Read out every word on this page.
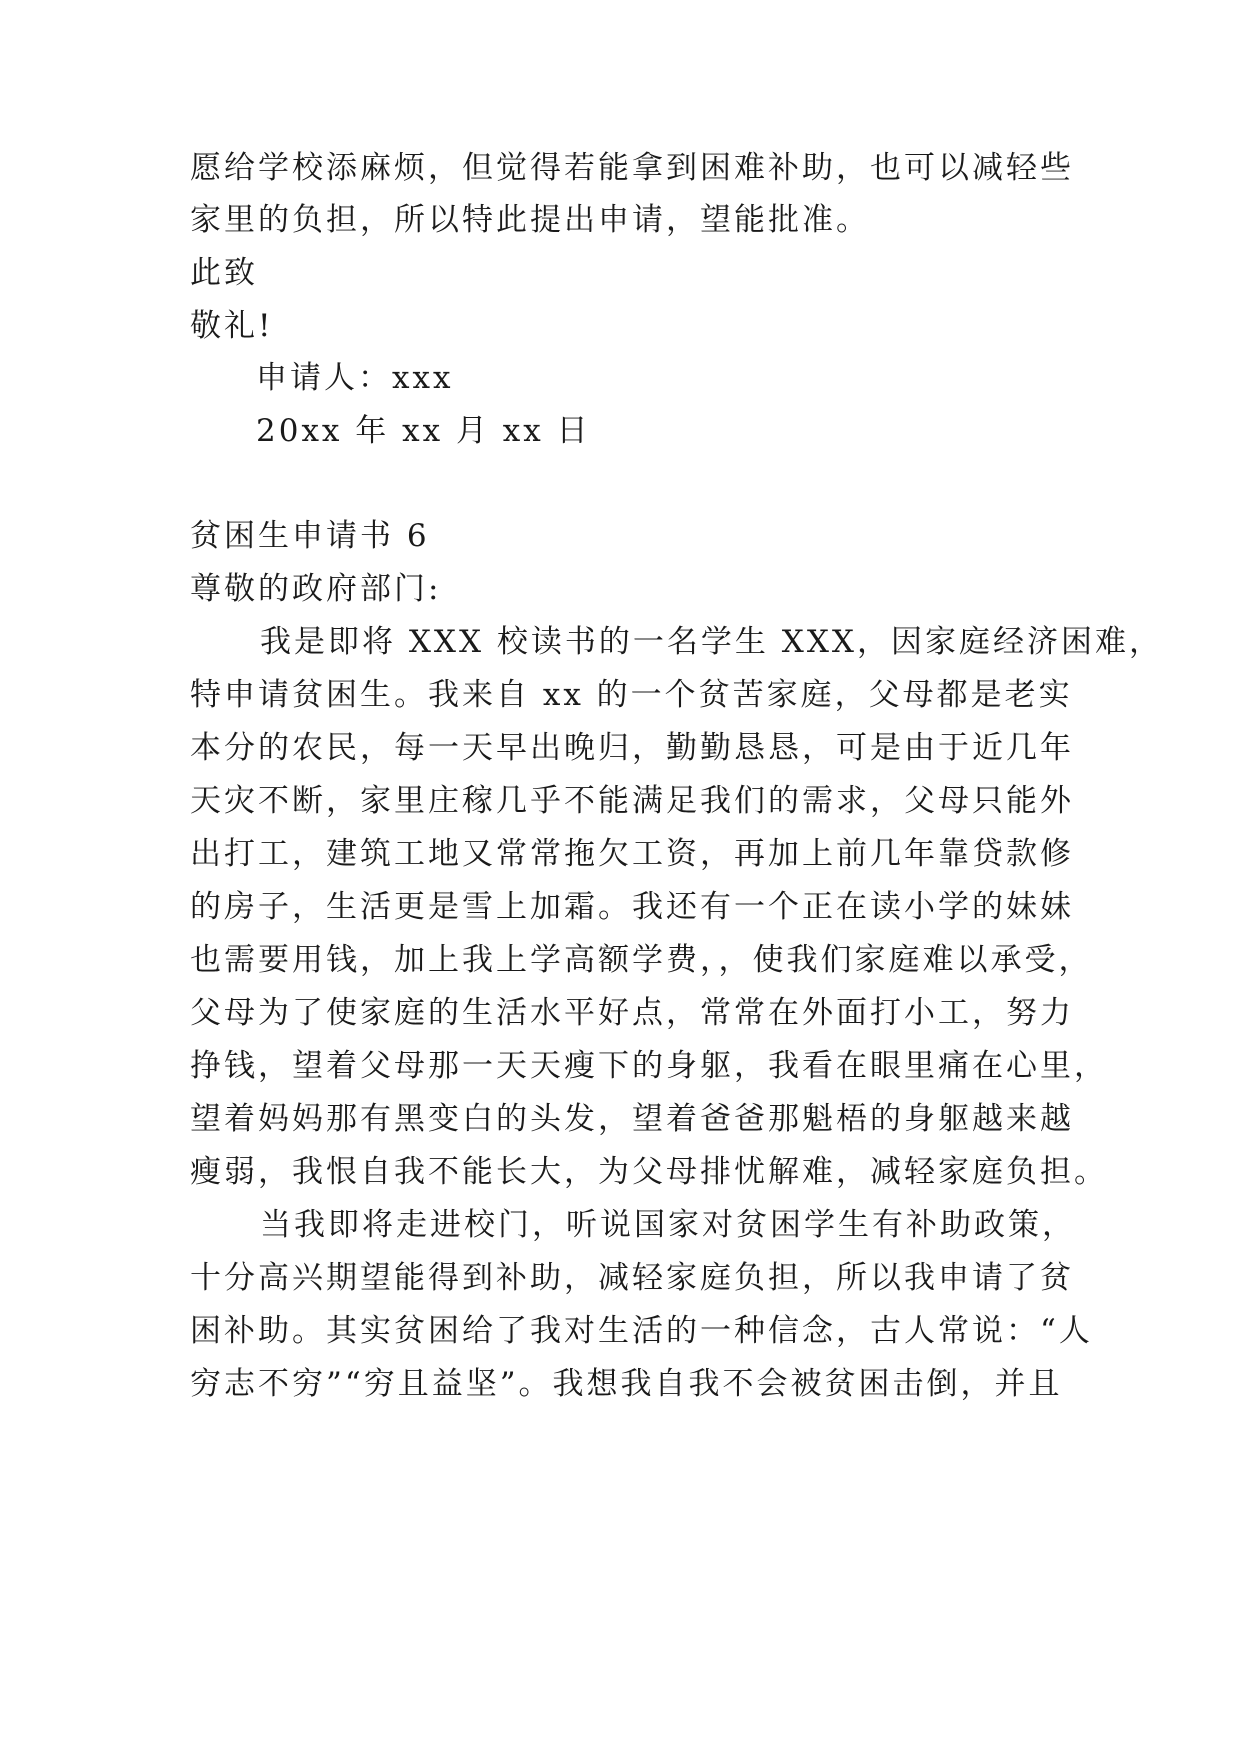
愿给学校添麻烦，但觉得若能拿到困难补助，也可以减轻些

家里的负担，所以特此提出申请，望能批准。

此致

敬礼!

申请人：xxx

20xx 年 xx 月 xx 日

贫困生申请书 6

尊敬的政府部门:

我是即将 XXX 校读书的一名学生 XXX，因家庭经济困难，

特申请贫困生。我来自 xx 的一个贫苦家庭，父母都是老实

本分的农民，每一天早出晚归，勤勤恳恳，可是由于近几年

天灾不断，家里庄稼几乎不能满足我们的需求，父母只能外

出打工，建筑工地又常常拖欠工资，再加上前几年靠贷款修

的房子，生活更是雪上加霜。我还有一个正在读小学的妹妹

也需要用钱，加上我上学高额学费，，使我们家庭难以承受，

父母为了使家庭的生活水平好点，常常在外面打小工，努力

挣钱，望着父母那一天天瘦下的身躯，我看在眼里痛在心里，

望着妈妈那有黑变白的头发，望着爸爸那魁梧的身躯越来越

瘦弱，我恨自我不能长大，为父母排忧解难，减轻家庭负担。

当我即将走进校门，听说国家对贫困学生有补助政策，

十分高兴期望能得到补助，减轻家庭负担，所以我申请了贫

困补助。其实贫困给了我对生活的一种信念，古人常说：“人

穷志不穷”“穷且益坚”。我想我自我不会被贫困击倒，并且
